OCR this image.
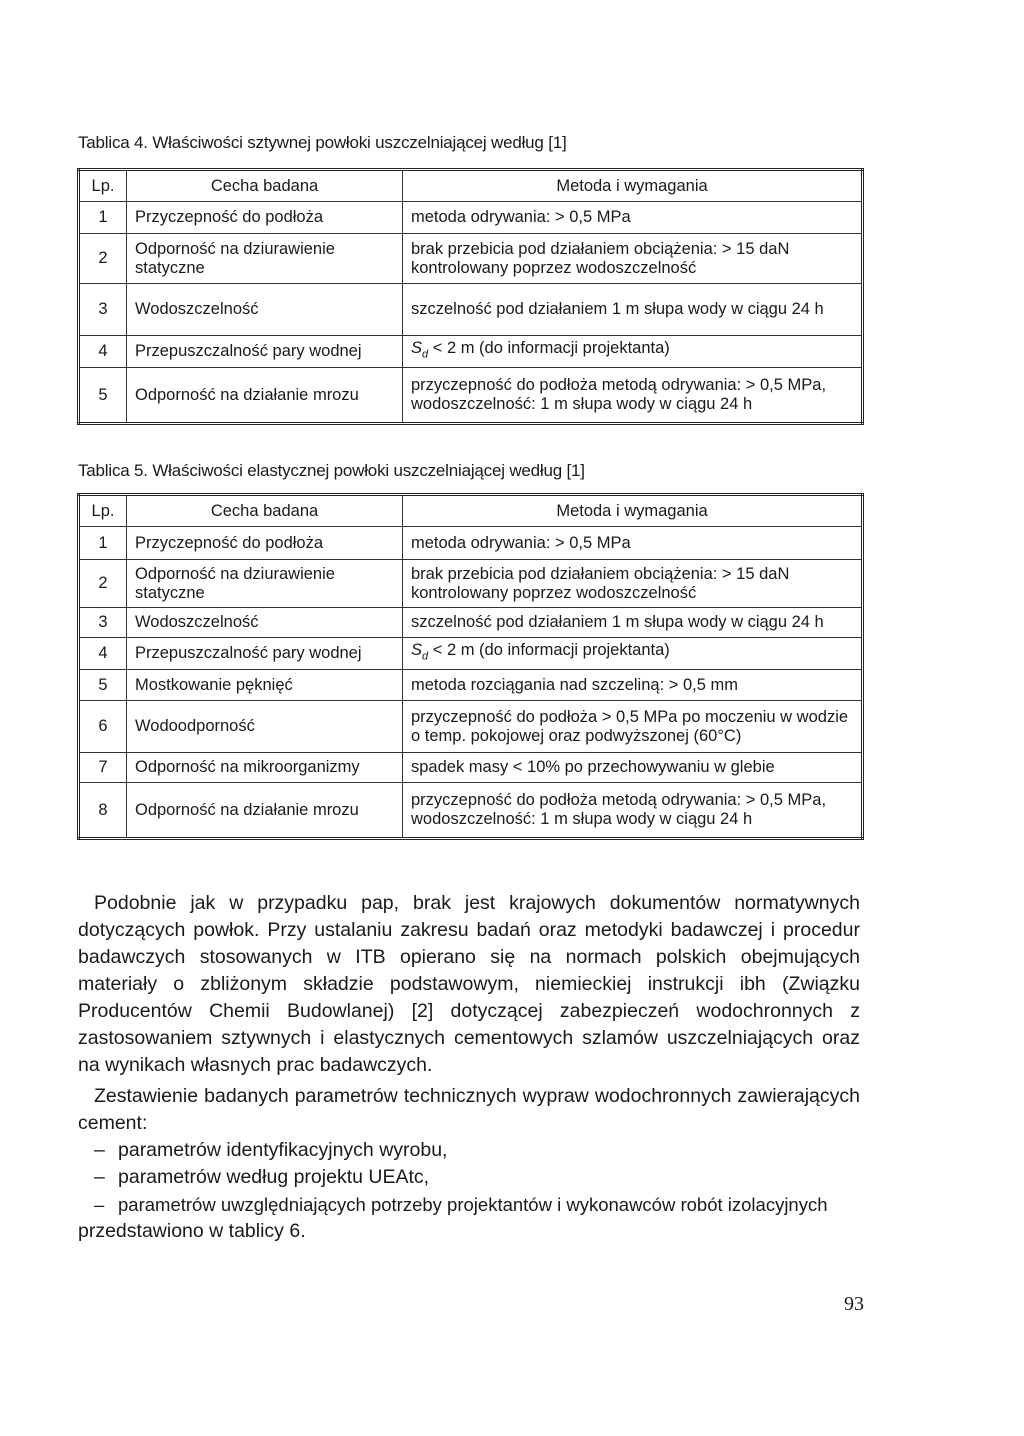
Tablica 4. Właściwości sztywnej powłoki uszczelniającej według [1]
Lp.	Cecha badana	Metoda i wymagania
1	Przyczepność do podłoża	metoda odrywania: > 0,5 MPa
2	Odporność na dziurawienie statyczne	brak przebicia pod działaniem obciążenia: > 15 daN kontrolowany poprzez wodoszczelność
3	Wodoszczelność	szczelność pod działaniem 1 m słupa wody w ciągu 24 h
4	Przepuszczalność pary wodnej	$S_d < 2$ m (do informacji projektanta)
5	Odporność na działanie mrozu	przyczepność do podłoża metodą odrywania: > 0,5 MPa, wodoszczelność: 1 m słupa wody w ciągu 24 h
Tablica 5. Właściwości elastycznej powłoki uszczelniającej według [1]
Lp.	Cecha badana	Metoda i wymagania
1	Przyczepność do podłoża	metoda odrywania: > 0,5 MPa
2	Odporność na dziurawienie statyczne	brak przebicia pod działaniem obciążenia: > 15 daN kontrolowany poprzez wodoszczelność
3	Wodoszczelność	szczelność pod działaniem 1 m słupa wody w ciągu 24 h
4	Przepuszczalność pary wodnej	$S_d < 2$ m (do informacji projektanta)
5	Mostkowanie pęknięć	metoda rozciągania nad szczeliną: > 0,5 mm
6	Wodoodporność	przyczepność do podłoża > 0,5 MPa po moczeniu w wodzie o temp. pokojowej oraz podwyższonej (60°C)
7	Odporność na mikroorganizmy	spadek masy < 10% po przechowywaniu w glebie
8	Odporność na działanie mrozu	przyczepność do podłoża metodą odrywania: > 0,5 MPa, wodoszczelność: 1 m słupa wody w ciągu 24 h

Podobnie jak w przypadku pap, brak jest krajowych dokumentów normatywnych dotyczących powłok. Przy ustalaniu zakresu badań oraz metodyki badawczej i procedur badawczych stosowanych w ITB opierano się na normach polskich obejmujących materiały o zbliżonym składzie podstawowym, niemieckiej instrukcji ibh (Związku Producentów Chemii Budowlanej) [2] dotyczącej zabezpieczeń wodochronnych z zastosowaniem sztywnych i elastycznych cementowych szlamów uszczelniających oraz na wynikach własnych prac badawczych.

Zestawienie badanych parametrów technicznych wypraw wodochronnych zawierających cement:

– parametrów identyfikacyjnych wyrobu,
– parametrów według projektu UEAtc,
– parametrów uwzględniających potrzeby projektantów i wykonawców robót izolacyjnych

przedstawiono w tablicy 6.

93
